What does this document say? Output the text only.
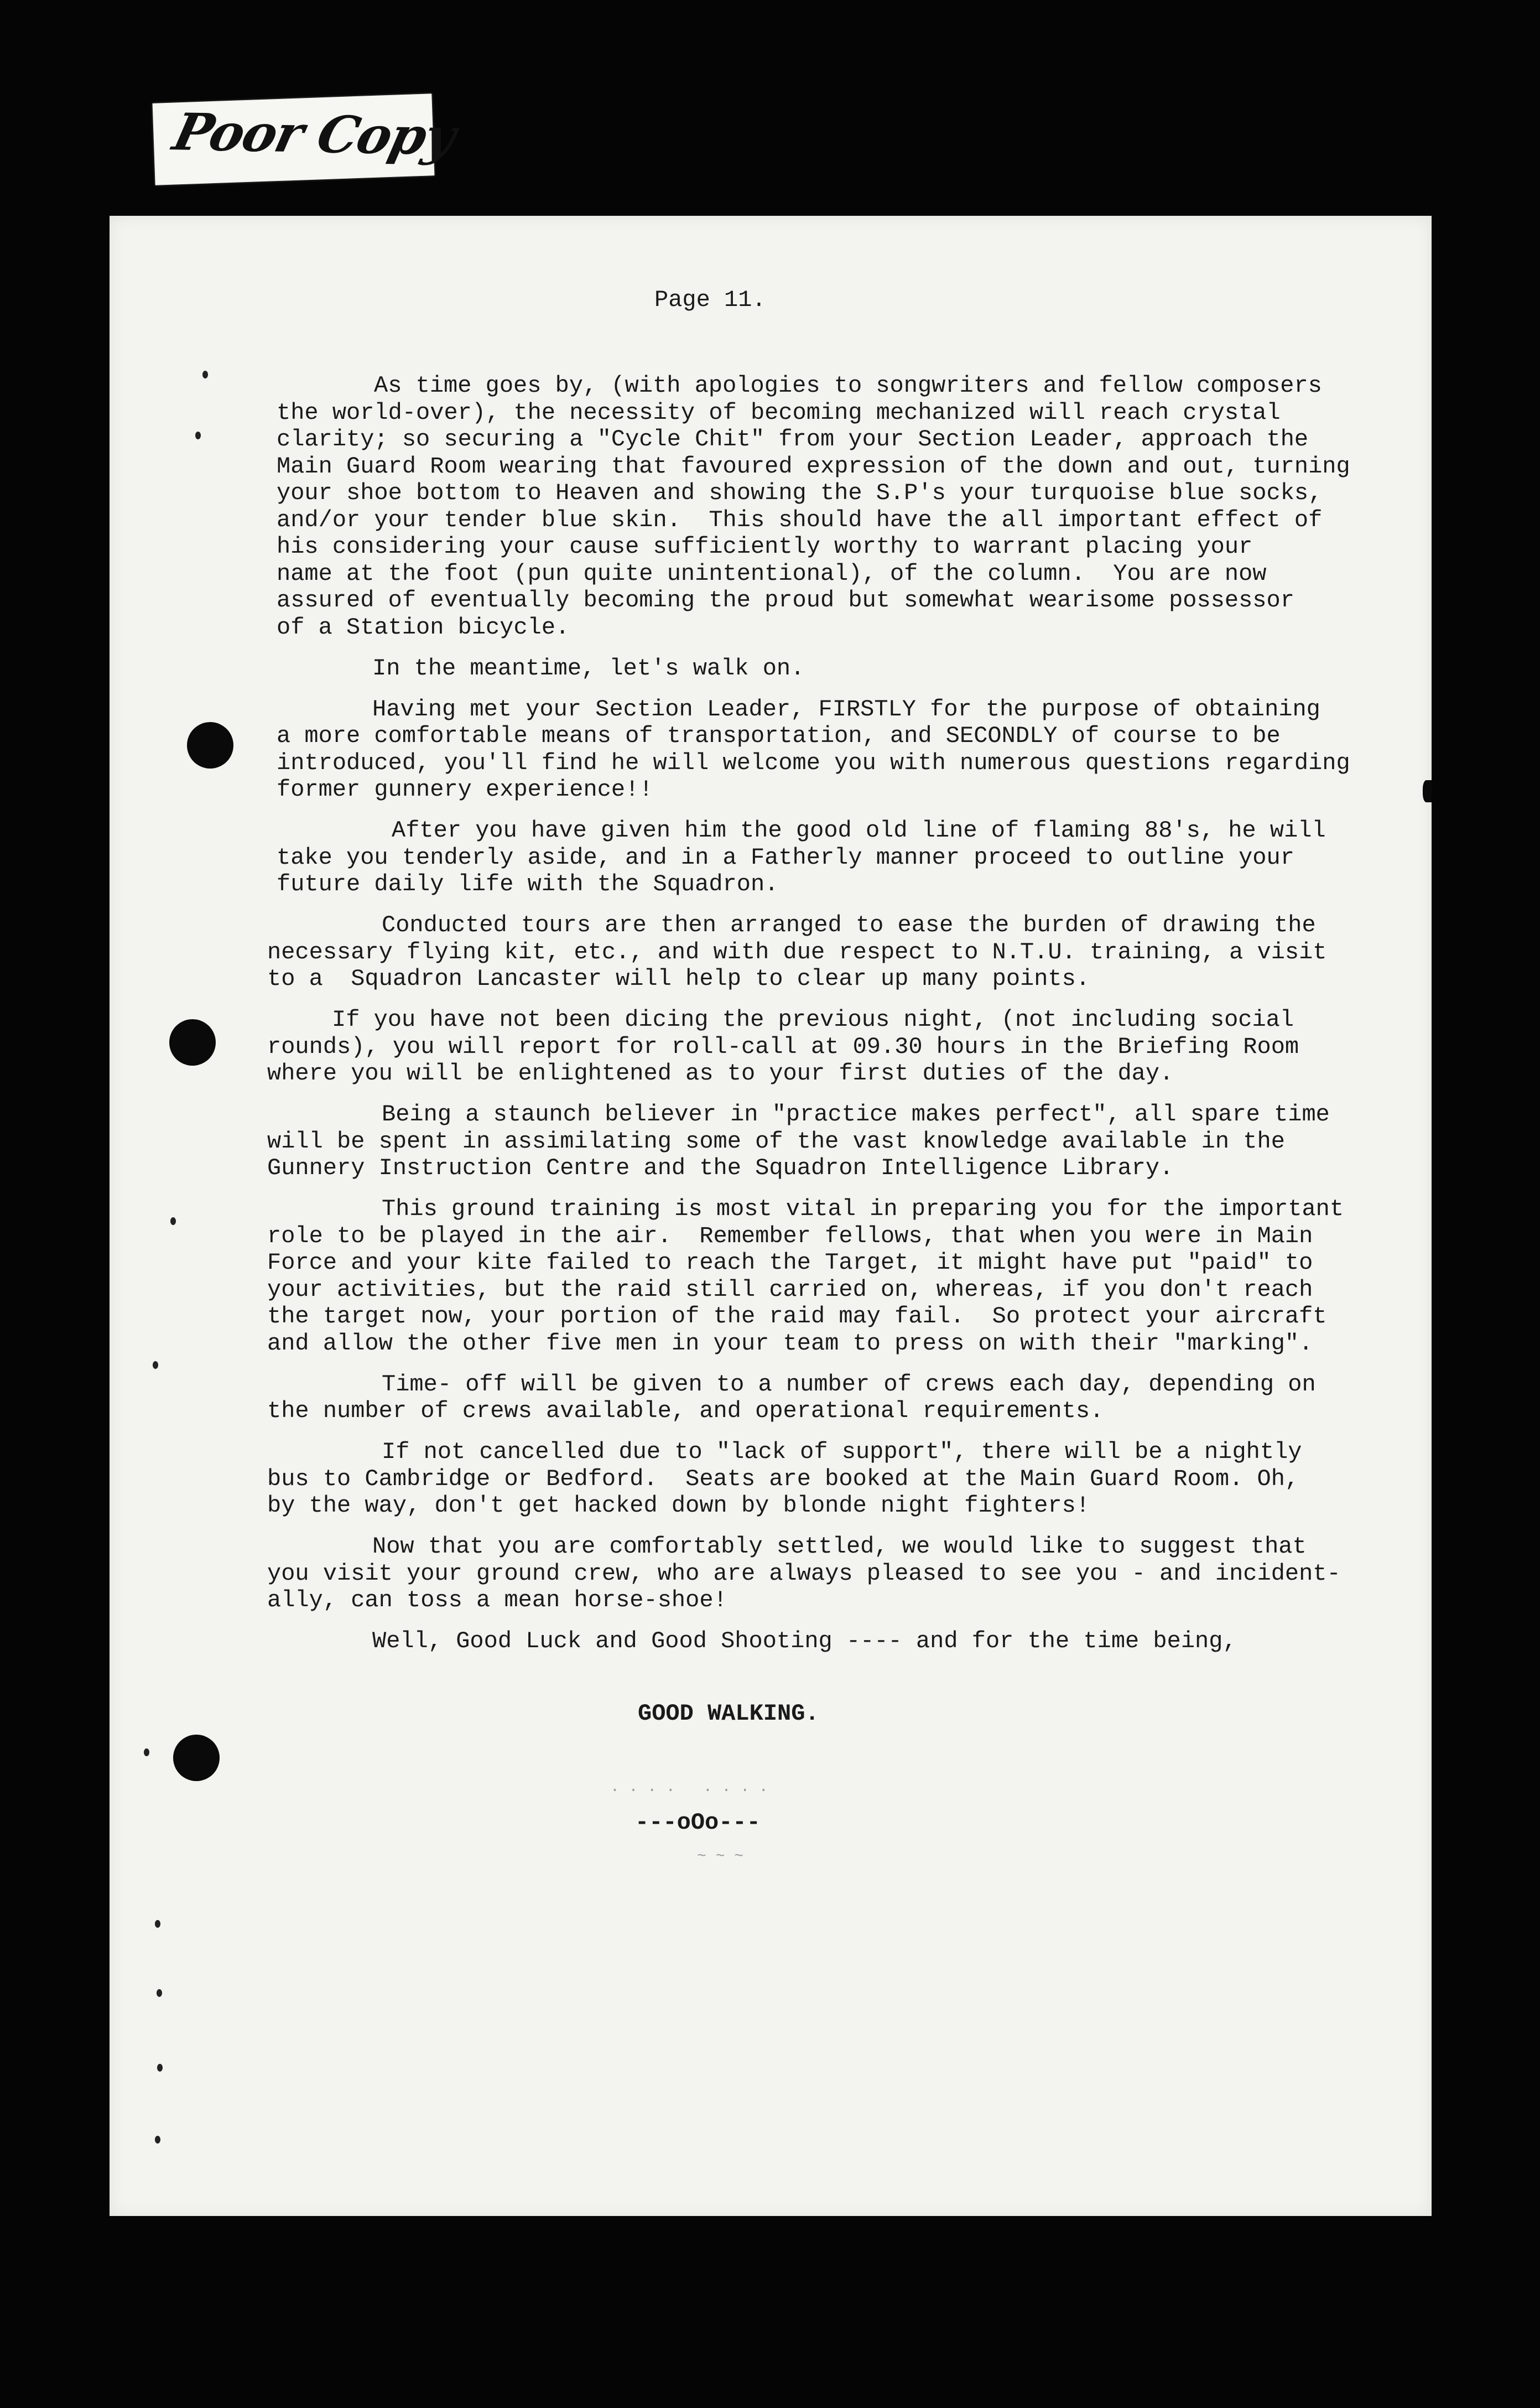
Poor Copy
Page 11.
As time goes by, (with apologies to songwriters and fellow composers
the world-over), the necessity of becoming mechanized will reach crystal
clarity; so securing a "Cycle Chit" from your Section Leader, approach the
Main Guard Room wearing that favoured expression of the down and out, turning
your shoe bottom to Heaven and showing the S.P's your turquoise blue socks,
and/or your tender blue skin.  This should have the all important effect of
his considering your cause sufficiently worthy to warrant placing your
name at the foot (pun quite unintentional), of the column.  You are now
assured of eventually becoming the proud but somewhat wearisome possessor
of a Station bicycle.
In the meantime, let's walk on.
Having met your Section Leader, FIRSTLY for the purpose of obtaining
a more comfortable means of transportation, and SECONDLY of course to be
introduced, you'll find he will welcome you with numerous questions regarding
former gunnery experience!!
After you have given him the good old line of flaming 88's, he will
take you tenderly aside, and in a Fatherly manner proceed to outline your
future daily life with the Squadron.
Conducted tours are then arranged to ease the burden of drawing the
necessary flying kit, etc., and with due respect to N.T.U. training, a visit
to a  Squadron Lancaster will help to clear up many points.
If you have not been dicing the previous night, (not including social
rounds), you will report for roll-call at 09.30 hours in the Briefing Room
where you will be enlightened as to your first duties of the day.
Being a staunch believer in "practice makes perfect", all spare time
will be spent in assimilating some of the vast knowledge available in the
Gunnery Instruction Centre and the Squadron Intelligence Library.
This ground training is most vital in preparing you for the important
role to be played in the air.  Remember fellows, that when you were in Main
Force and your kite failed to reach the Target, it might have put "paid" to
your activities, but the raid still carried on, whereas, if you don't reach
the target now, your portion of the raid may fail.  So protect your aircraft
and allow the other five men in your team to press on with their "marking".
Time- off will be given to a number of crews each day, depending on
the number of crews available, and operational requirements.
If not cancelled due to "lack of support", there will be a nightly
bus to Cambridge or Bedford.  Seats are booked at the Main Guard Room. Oh,
by the way, don't get hacked down by blonde night fighters!
Now that you are comfortably settled, we would like to suggest that
you visit your ground crew, who are always pleased to see you - and incident-
ally, can toss a mean horse-shoe!
Well, Good Luck and Good Shooting ---- and for the time being,
GOOD WALKING.
. . . .   . . . .
---oOo---
~ ~ ~
